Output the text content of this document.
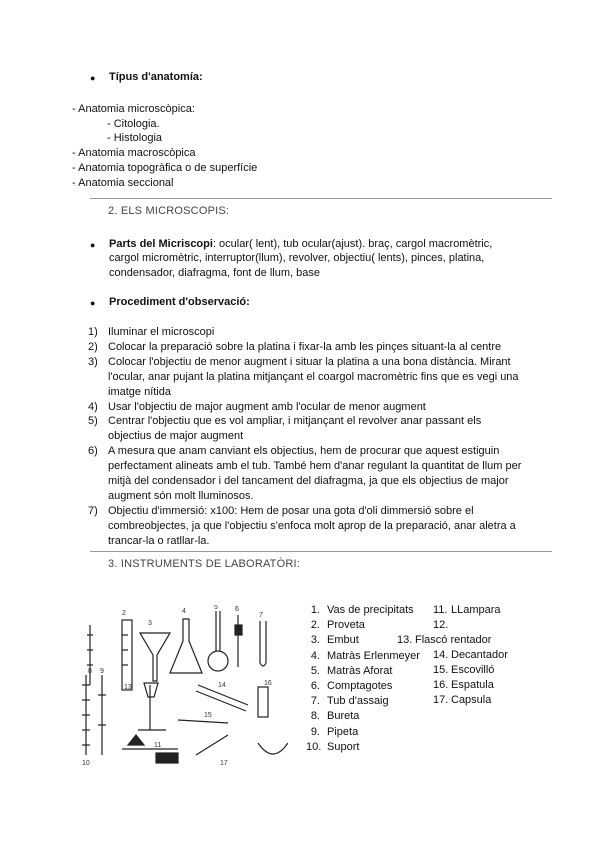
● Típus d'anatomía:
- Anatomia microscòpica:
- Citologia.
- Histologia
- Anatomia macroscòpica
- Anatomia topogràfica o de superfície
- Anatomia seccional
2. ELS MICROSCOPIS:
● Parts del Micriscopi: ocular( lent), tub ocular(ajust). braç, cargol macromètric,
cargol micromètric, interruptor(llum), revolver, objectiu( lents), pinces, platina,
condensador, diafragma, font de llum, base
● Procediment d'observació:
1) Iluminar el microscopi
2) Colocar la preparació sobre la platina i fixar-la amb les pinçes situant-la al centre
3) Colocar l'objectiu de menor augment i situar la platina a una bona distància. Mirant
l'ocular, anar pujant la platina mitjançant el coargol macromètric fins que es vegi una
imatge nítida
4) Usar l'objectiu de major augment amb l'ocular de menor augment
5) Centrar l'objectiu que es vol ampliar, i mitjançant el revolver anar passant els
objectius de major augment
6) A mesura que anam canviant els objectius, hem de procurar que aquest estiguin
perfectament alineats amb el tub. També hem d'anar regulant la quantitat de llum per
mitjà del condensador i del tancament del diafragma, ja que els objectius de major
augment són molt lluminosos.
7) Objectiu d'immersió: x100: Hem de posar una gota d'oli dimmersió sobre el
combreobjectes, ja que l'objectiu s'enfoca molt aprop de la preparació, anar aletra a
trancar-la o ratllar-la.
3. INSTRUMENTS DE LABORATÒRI:
2
3
4
5 6
7
8 9
13	14	16
15
11
17
10
1. Vas de precipitats
2. Proveta
3. Embut
4. Matràs Erlenmeyer
5. Matràs Aforat
6. Comptagotes
7. Tub d'assaig
8. Bureta
9. Pipeta
10. Suport
11. LLampara
12.
13. Flascó rentador
14. Decantador
15. Escovilló
16. Espatula
17. Capsula
